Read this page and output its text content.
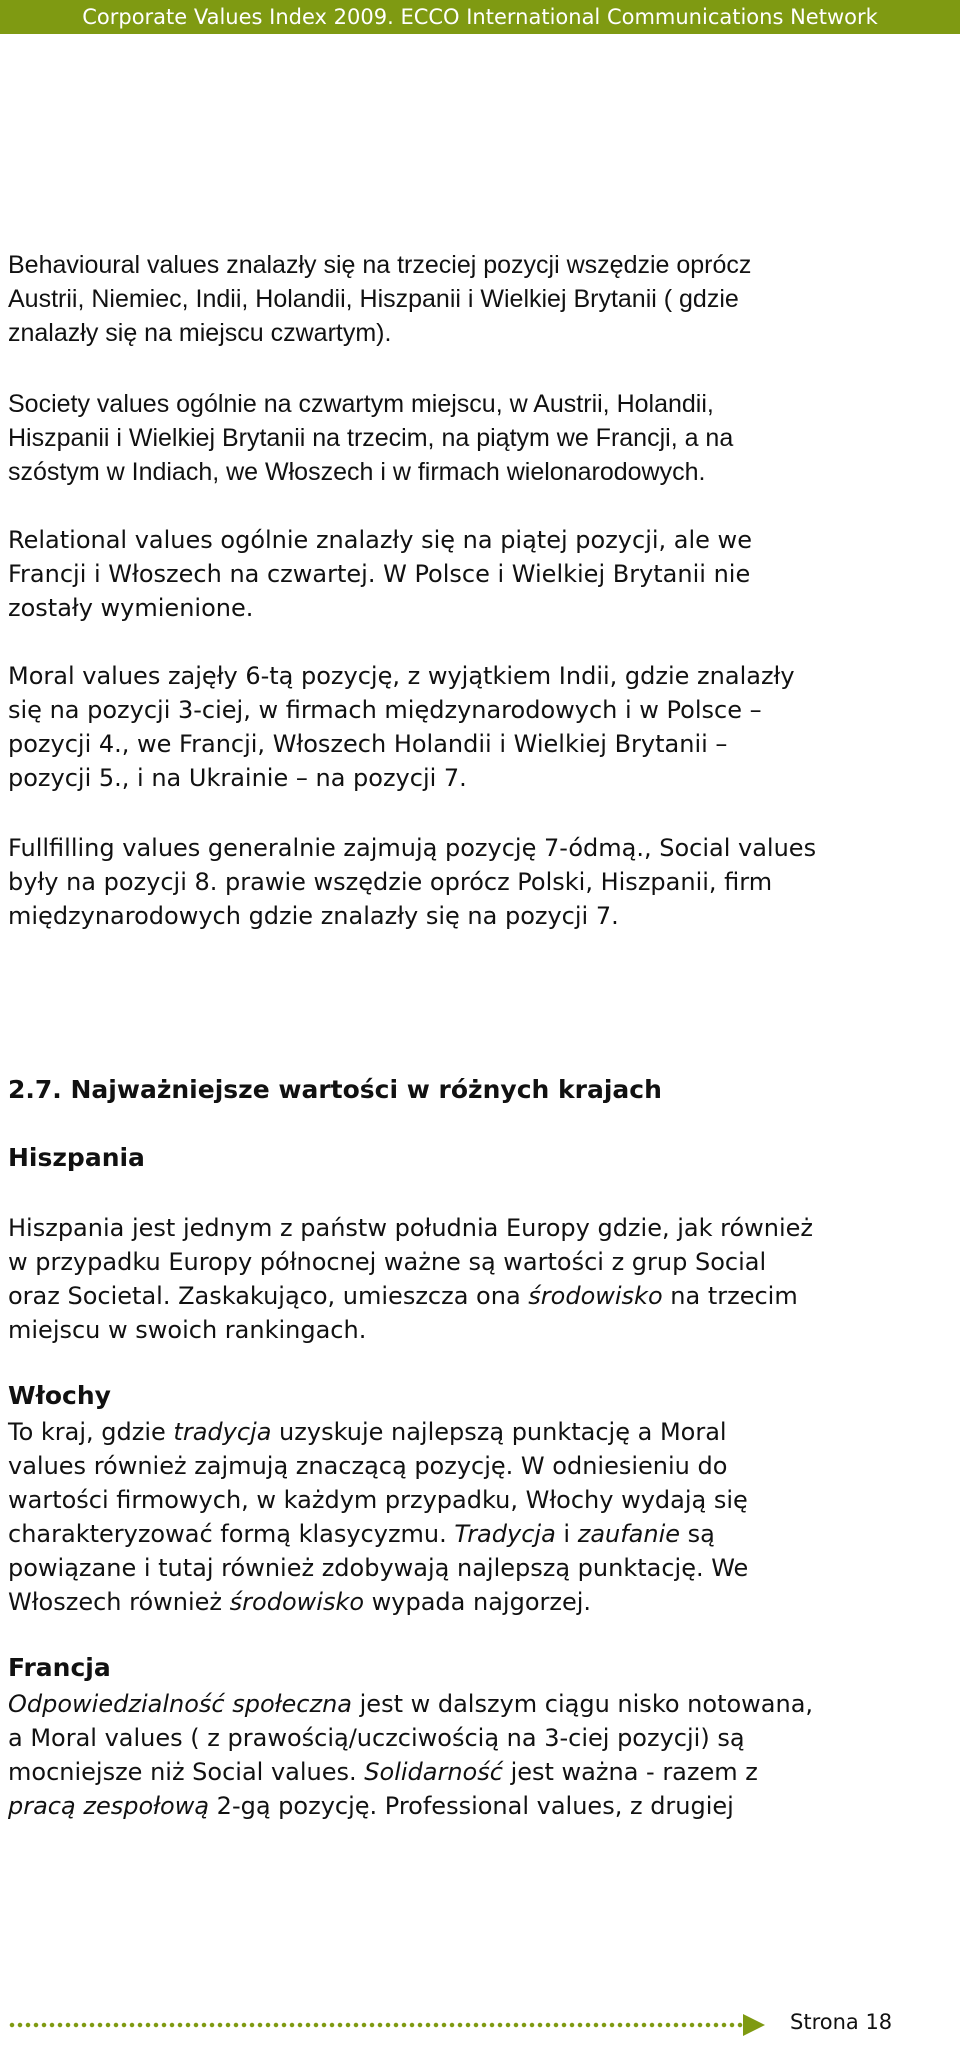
Corporate Values Index 2009. ECCO International Communications Network

Behavioural values znalazły się na trzeciej pozycji wszędzie oprócz

Austrii, Niemiec, Indii, Holandii, Hiszpanii i Wielkiej Brytanii ( gdzie

znalazły się na miejscu czwartym).

Society values ogólnie na czwartym miejscu, w Austrii, Holandii,

Hiszpanii i Wielkiej Brytanii na trzecim, na piątym we Francji, a na

szóstym w Indiach, we Włoszech i w firmach wielonarodowych.

Relational values ogólnie znalazły się na piątej pozycji, ale we

Francji i Włoszech na czwartej. W Polsce i Wielkiej Brytanii nie

zostały wymienione.

Moral values zajęły 6-tą pozycję, z wyjątkiem Indii, gdzie znalazły

się na pozycji 3-ciej, w firmach międzynarodowych i w Polsce –

pozycji 4., we Francji, Włoszech Holandii i Wielkiej Brytanii –

pozycji 5., i na Ukrainie – na pozycji 7.

Fullfilling values generalnie zajmują pozycję 7-ódmą., Social values

były na pozycji 8. prawie wszędzie oprócz Polski, Hiszpanii, firm

międzynarodowych gdzie znalazły się na pozycji 7.

2.7. Najważniejsze wartości w różnych krajach
Hiszpania

Hiszpania jest jednym z państw południa Europy gdzie, jak również

w przypadku Europy północnej ważne są wartości z grup Social

oraz Societal. Zaskakująco, umieszcza ona środowisko na trzecim

miejscu w swoich rankingach.

Włochy

To kraj, gdzie tradycja uzyskuje najlepszą punktację a Moral

values również zajmują znaczącą pozycję. W odniesieniu do

wartości firmowych, w każdym przypadku, Włochy wydają się

charakteryzować formą klasycyzmu. Tradycja i zaufanie są

powiązane i tutaj również zdobywają najlepszą punktację. We

Włoszech również środowisko wypada najgorzej.

Francja

Odpowiedzialność społeczna jest w dalszym ciągu nisko notowana,

a Moral values ( z prawością/uczciwością na 3-ciej pozycji) są

mocniejsze niż Social values. Solidarność jest ważna - razem z

pracą zespołową 2-gą pozycję. Professional values, z drugiej

Strona 18
